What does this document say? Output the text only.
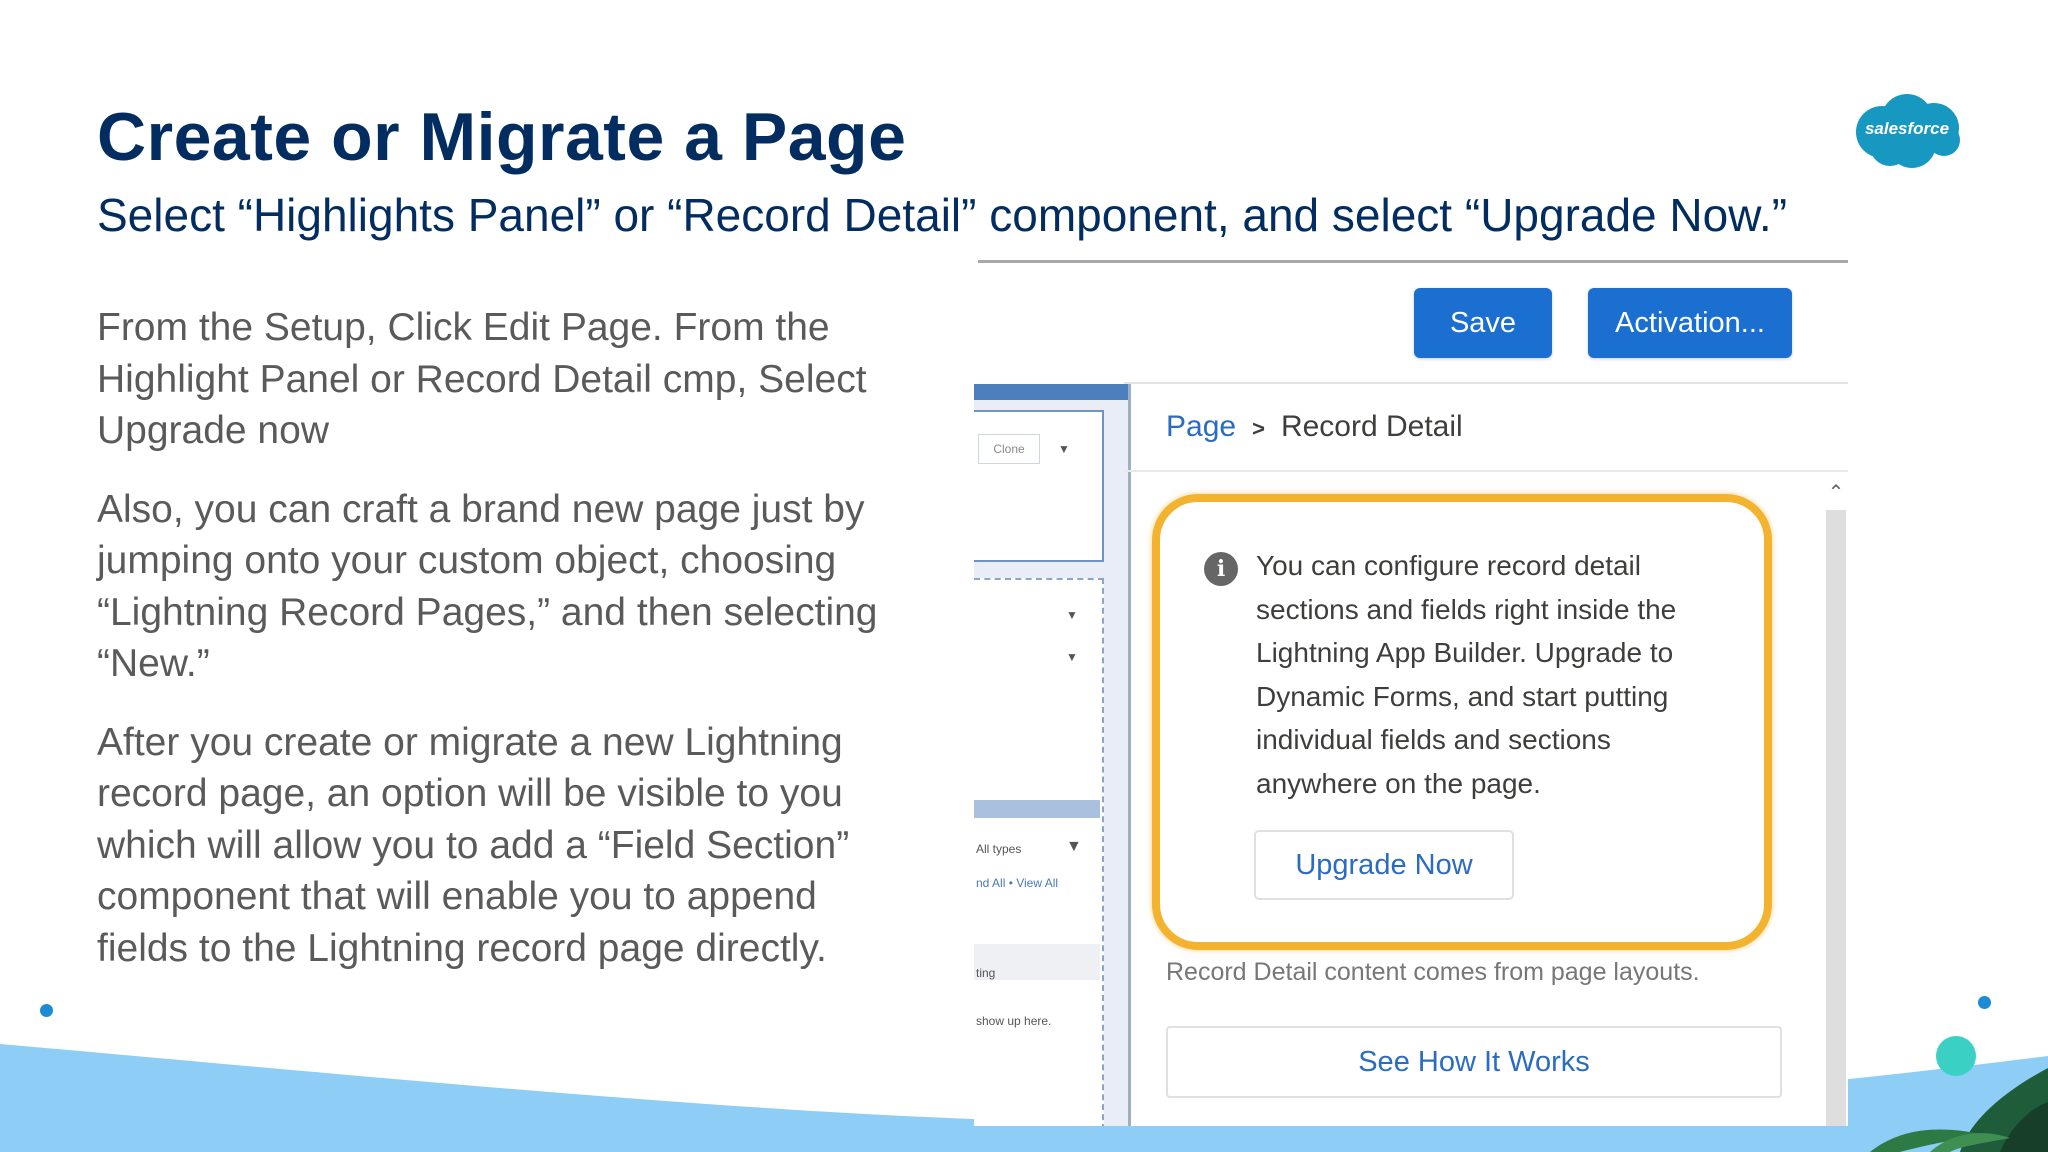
Create or Migrate a Page

Select “Highlights Panel” or “Record Detail” component, and select “Upgrade Now.”

salesforce

From the Setup, Click Edit Page. From the Highlight Panel or Record Detail cmp, Select Upgrade now

Also, you can craft a brand new page just by jumping onto your custom object, choosing “Lightning Record Pages,” and then selecting “New.”

After you create or migrate a new Lightning record page, an option will be visible to you which will allow you to add a “Field Section” component that will enable you to append fields to the Lightning record page directly.

Save	Activation...
Clone	▼
▼
▼
All types	▼
nd All • View All
ting
show up here.
Page > Record Detail
⌃
i	You can configure record detail sections and fields right inside the Lightning App Builder. Upgrade to Dynamic Forms, and start putting individual fields and sections anywhere on the page.
Upgrade Now
Record Detail content comes from page layouts.
See How It Works
